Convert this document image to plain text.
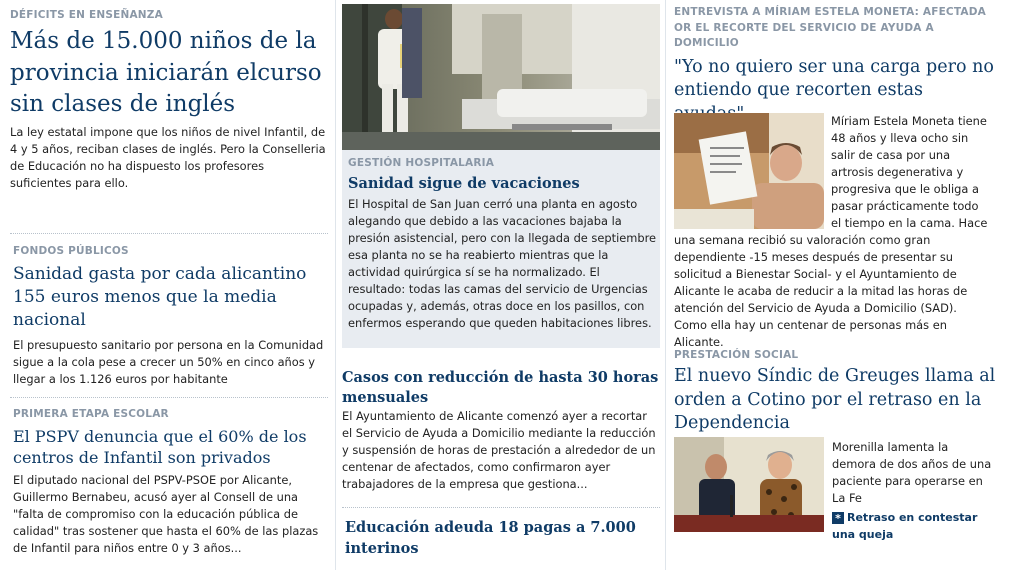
DÉFICITS EN ENSEÑANZA
Más de 15.000 niños de la provincia iniciarán elcurso sin clases de inglés
La ley estatal impone que los niños de nivel Infantil, de 4 y 5 años, reciban clases de inglés. Pero la Conselleria de Educación no ha dispuesto los profesores suficientes para ello.
FONDOS PÚBLICOS
Sanidad gasta por cada alicantino 155 euros menos que la media nacional
El presupuesto sanitario por persona en la Comunidad sigue a la cola pese a crecer un 50% en cinco años y llegar a los 1.126 euros por habitante
PRIMERA ETAPA ESCOLAR
El PSPV denuncia que el 60% de los centros de Infantil son privados
El diputado nacional del PSPV-PSOE por Alicante, Guillermo Bernabeu, acusó ayer al Consell de una "falta de compromiso con la educación pública de calidad" tras sostener que hasta el 60% de las plazas de Infantil para niños entre 0 y 3 años...
GESTIÓN HOSPITALARIA
Sanidad sigue de vacaciones
El Hospital de San Juan cerró una planta en agosto alegando que debido a las vacaciones bajaba la presión asistencial, pero con la llegada de septiembre esa planta no se ha reabierto mientras que la actividad quirúrgica sí se ha normalizado. El resultado: todas las camas del servicio de Urgencias ocupadas y, además, otras doce en los pasillos, con enfermos esperando que queden habitaciones libres.
Casos con reducción de hasta 30 horas mensuales
El Ayuntamiento de Alicante comenzó ayer a recortar el Servicio de Ayuda a Domicilio mediante la reducción y suspensión de horas de prestación a alrededor de un centenar de afectados, como confirmaron ayer trabajadores de la empresa que gestiona...
Educación adeuda 18 pagas a 7.000 interinos
ENTREVISTA A MÍRIAM ESTELA MONETA: AFECTADA OR EL RECORTE DEL SERVICIO DE AYUDA A DOMICILIO
"Yo no quiero ser una carga pero no entiendo que recorten estas
Míriam Estela Moneta tiene 48 años y lleva ocho sin salir de casa por una artrosis degenerativa y progresiva que le obliga a pasar prácticamente todo el tiempo en la cama. Hace una semana recibió su valoración como gran dependiente -15 meses después de presentar su solicitud a Bienestar Social- y el Ayuntamiento de Alicante le acaba de reducir a la mitad las horas de atención del Servicio de Ayuda a Domicilio (SAD). Como ella hay un centenar de personas más en Alicante.
PRESTACIÓN SOCIAL
El nuevo Síndic de Greuges llama al orden a Cotino por el retraso en la Dependencia
Morenilla lamenta la demora de dos años de una paciente para operarse en La Fe
* Retraso en contestar una queja
